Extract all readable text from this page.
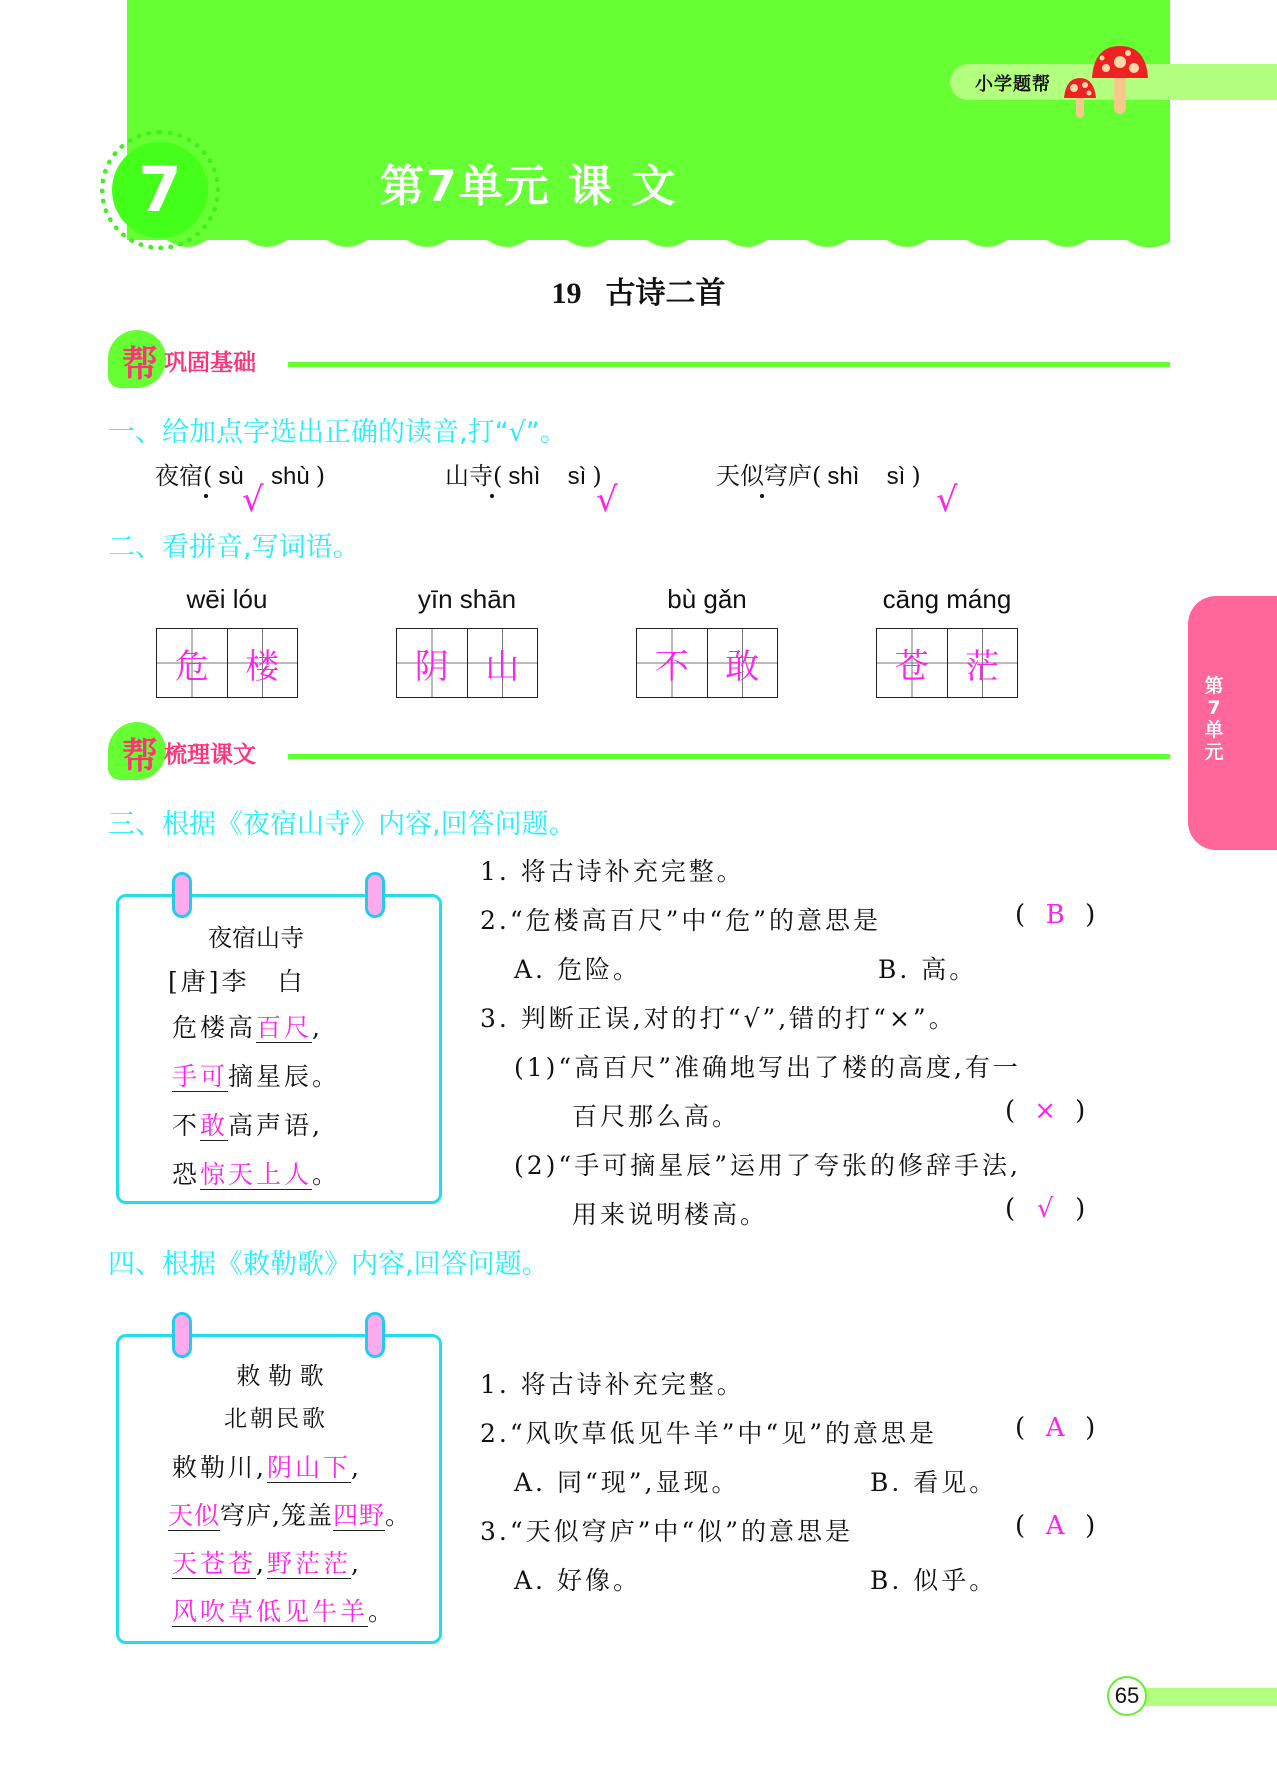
小学题帮
7	第7单元 课 文
19 古诗二首
帮 巩固基础
一、给加点字选出正确的读音,打“√”。
夜宿( sù shù )
√
山寺( shì sì )
√
天似穹庐( shì sì )
√
二、看拼音,写词语。
wēi lóu
危 楼
yīn shān
阴 山
bù gǎn
不 敢
cāng máng
苍 茫
帮 梳理课文
三、根据《夜宿山寺》内容,回答问题。
夜宿山寺
[唐]李　白
危楼高百尺,
手可摘星辰。
不敢高声语,
恐惊天上人。
1. 将古诗补充完整。
2.“危楼高百尺”中“危”的意思是	( B )
A. 危险。	B. 高。
3. 判断正误,对的打“√”,错的打“×”。
(1)“高百尺”准确地写出了楼的高度,有一
百尺那么高。	( × )
(2)“手可摘星辰”运用了夸张的修辞手法,
用来说明楼高。	( √ )
四、根据《敕勒歌》内容,回答问题。
敕 勒 歌
北朝民歌
敕勒川,阴山下,
天似穹庐,笼盖四野。
天苍苍,野茫茫,
风吹草低见牛羊。
1. 将古诗补充完整。
2.“风吹草低见牛羊”中“见”的意思是	( A )
A. 同“现”,显现。	B. 看见。
3.“天似穹庐”中“似”的意思是	( A )
A. 好像。	B. 似乎。
第
7
单
元
65
